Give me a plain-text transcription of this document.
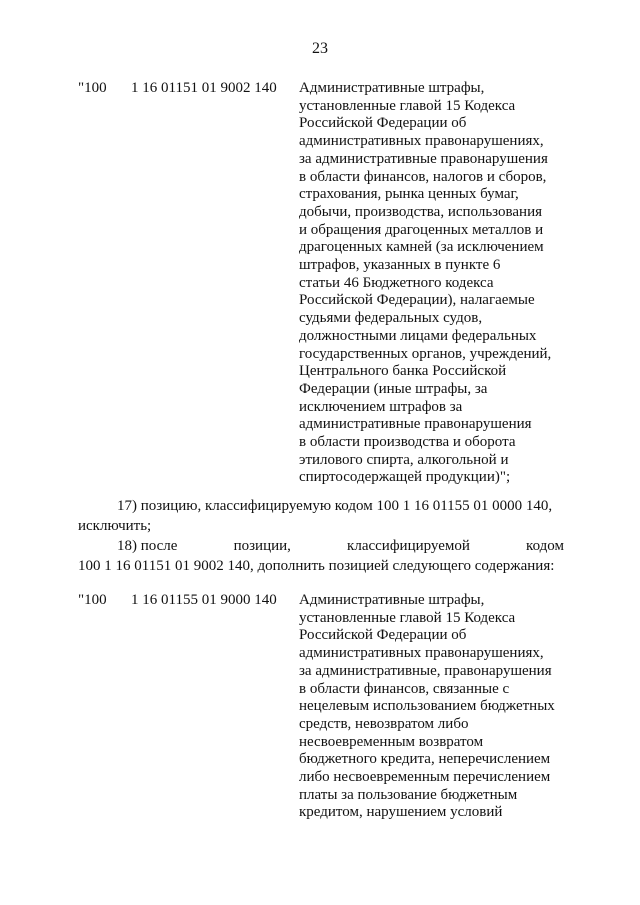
23
"100 1 16 01151 01 9002 140 Административные штрафы,
установленные главой 15 Кодекса
Российской Федерации об
административных правонарушениях,
за административные правонарушения
в области финансов, налогов и сборов,
страхования, рынка ценных бумаг,
добычи, производства, использования
и обращения драгоценных металлов и
драгоценных камней (за исключением
штрафов, указанных в пункте 6
статьи 46 Бюджетного кодекса
Российской Федерации), налагаемые
судьями федеральных судов,
должностными лицами федеральных
государственных органов, учреждений,
Центрального банка Российской
Федерации (иные штрафы, за
исключением штрафов за
административные правонарушения
в области производства и оборота
этилового спирта, алкогольной и
спиртосодержащей продукции)";
17) позицию, классифицируемую кодом 100 1 16 01155 01 0000 140,
исключить;
18) после	позиции,	классифицируемой	кодом
100 1 16 01151 01 9002 140, дополнить позицией следующего содержания:
"100 1 16 01155 01 9000 140 Административные штрафы,
установленные главой 15 Кодекса
Российской Федерации об
административных правонарушениях,
за административные, правонарушения
в области финансов, связанные с
нецелевым использованием бюджетных
средств, невозвратом либо
несвоевременным возвратом
бюджетного кредита, неперечислением
либо несвоевременным перечислением
платы за пользование бюджетным
кредитом, нарушением условий
